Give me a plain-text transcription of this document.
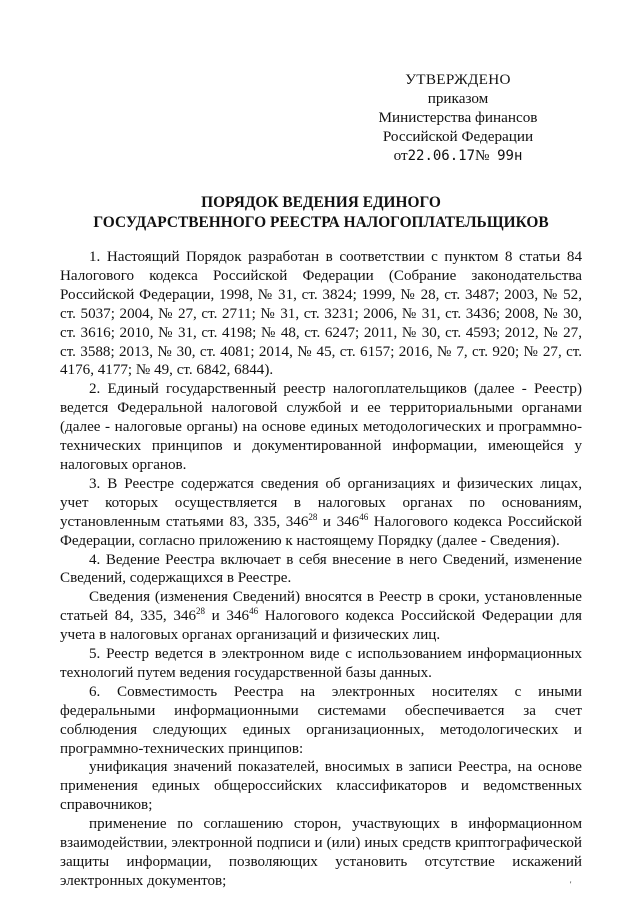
УТВЕРЖДЕНО
приказом
Министерства финансов
Российской Федерации
от22.06.17№ 99н
ПОРЯДОК ВЕДЕНИЯ ЕДИНОГО
ГОСУДАРСТВЕННОГО РЕЕСТРА НАЛОГОПЛАТЕЛЬЩИКОВ

1. Настоящий Порядок разработан в соответствии с пунктом 8 статьи 84 Налогового кодекса Российской Федерации (Собрание законодательства Российской Федерации, 1998, № 31, ст. 3824; 1999, № 28, ст. 3487; 2003, № 52, ст. 5037; 2004, № 27, ст. 2711; № 31, ст. 3231; 2006, № 31, ст. 3436; 2008, № 30, ст. 3616; 2010, № 31, ст. 4198; № 48, ст. 6247; 2011, № 30, ст. 4593; 2012, № 27, ст. 3588; 2013, № 30, ст. 4081; 2014, № 45, ст. 6157; 2016, № 7, ст. 920; № 27, ст. 4176, 4177; № 49, ст. 6842, 6844).

2. Единый государственный реестр налогоплательщиков (далее - Реестр) ведется Федеральной налоговой службой и ее территориальными органами (далее - налоговые органы) на основе единых методологических и программно-технических принципов и документированной информации, имеющейся у налоговых органов.

3. В Реестре содержатся сведения об организациях и физических лицах, учет которых осуществляется в налоговых органах по основаниям, установленным статьями 83, 335, $346^{28}$ и $346^{46}$ Налогового кодекса Российской Федерации, согласно приложению к настоящему Порядку (далее - Сведения).

4. Ведение Реестра включает в себя внесение в него Сведений, изменение Сведений, содержащихся в Реестре.

Сведения (изменения Сведений) вносятся в Реестр в сроки, установленные статьей 84, 335, $346^{28}$ и $346^{46}$ Налогового кодекса Российской Федерации для учета в налоговых органах организаций и физических лиц.

5. Реестр ведется в электронном виде с использованием информационных технологий путем ведения государственной базы данных.

6. Совместимость Реестра на электронных носителях с иными федеральными информационными системами обеспечивается за счет соблюдения следующих единых организационных, методологических и программно-технических принципов:

унификация значений показателей, вносимых в записи Реестра, на основе применения единых общероссийских классификаторов и ведомственных справочников;

применение по соглашению сторон, участвующих в информационном взаимодействии, электронной подписи и (или) иных средств криптографической защиты информации, позволяющих установить отсутствие искажений электронных документов;	'
